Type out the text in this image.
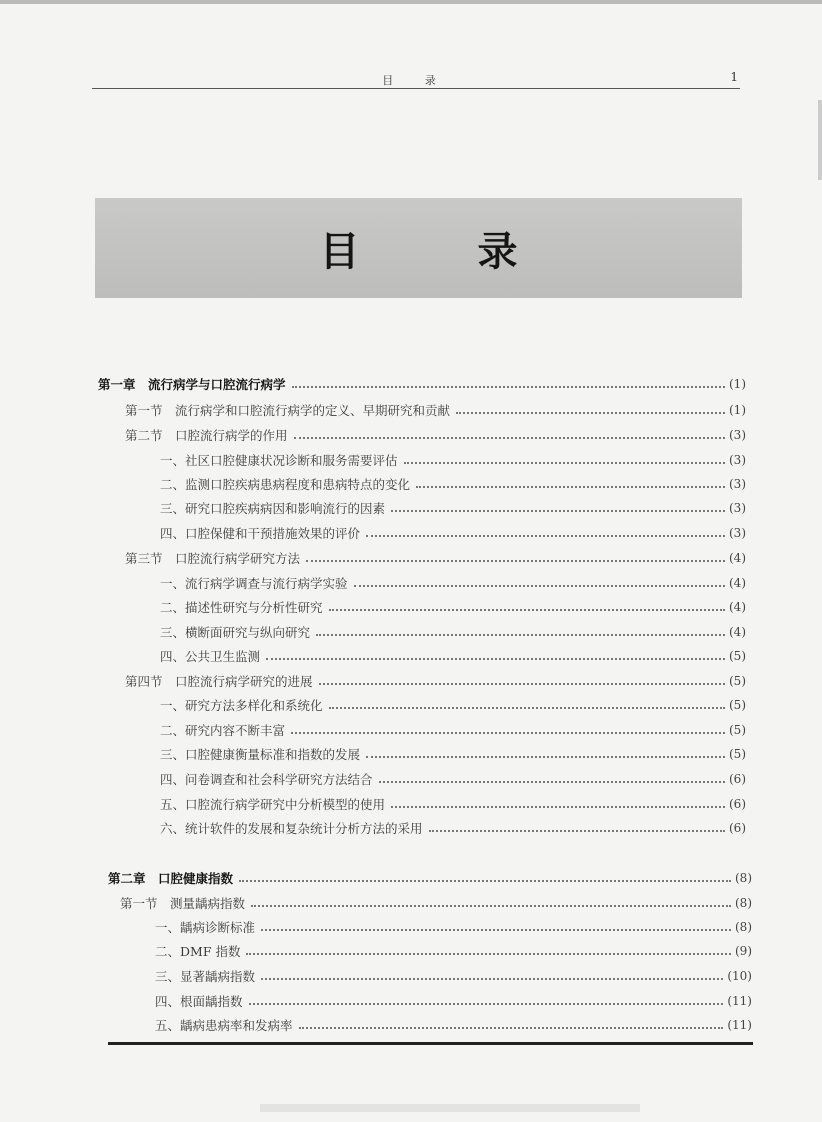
目 录	1
目 录
第一章　流行病学与口腔流行病学	(1)
第一节　流行病学和口腔流行病学的定义、早期研究和贡献	(1)
第二节　口腔流行病学的作用	(3)
一、社区口腔健康状况诊断和服务需要评估	(3)
二、监测口腔疾病患病程度和患病特点的变化	(3)
三、研究口腔疾病病因和影响流行的因素	(3)
四、口腔保健和干预措施效果的评价	(3)
第三节　口腔流行病学研究方法	(4)
一、流行病学调查与流行病学实验	(4)
二、描述性研究与分析性研究	(4)
三、横断面研究与纵向研究	(4)
四、公共卫生监测	(5)
第四节　口腔流行病学研究的进展	(5)
一、研究方法多样化和系统化	(5)
二、研究内容不断丰富	(5)
三、口腔健康衡量标准和指数的发展	(5)
四、问卷调查和社会科学研究方法结合	(6)
五、口腔流行病学研究中分析模型的使用	(6)
六、统计软件的发展和复杂统计分析方法的采用	(6)
第二章　口腔健康指数	(8)
第一节　测量龋病指数	(8)
一、龋病诊断标准	(8)
二、DMF 指数	(9)
三、显著龋病指数	(10)
四、根面龋指数	(11)
五、龋病患病率和发病率	(11)
